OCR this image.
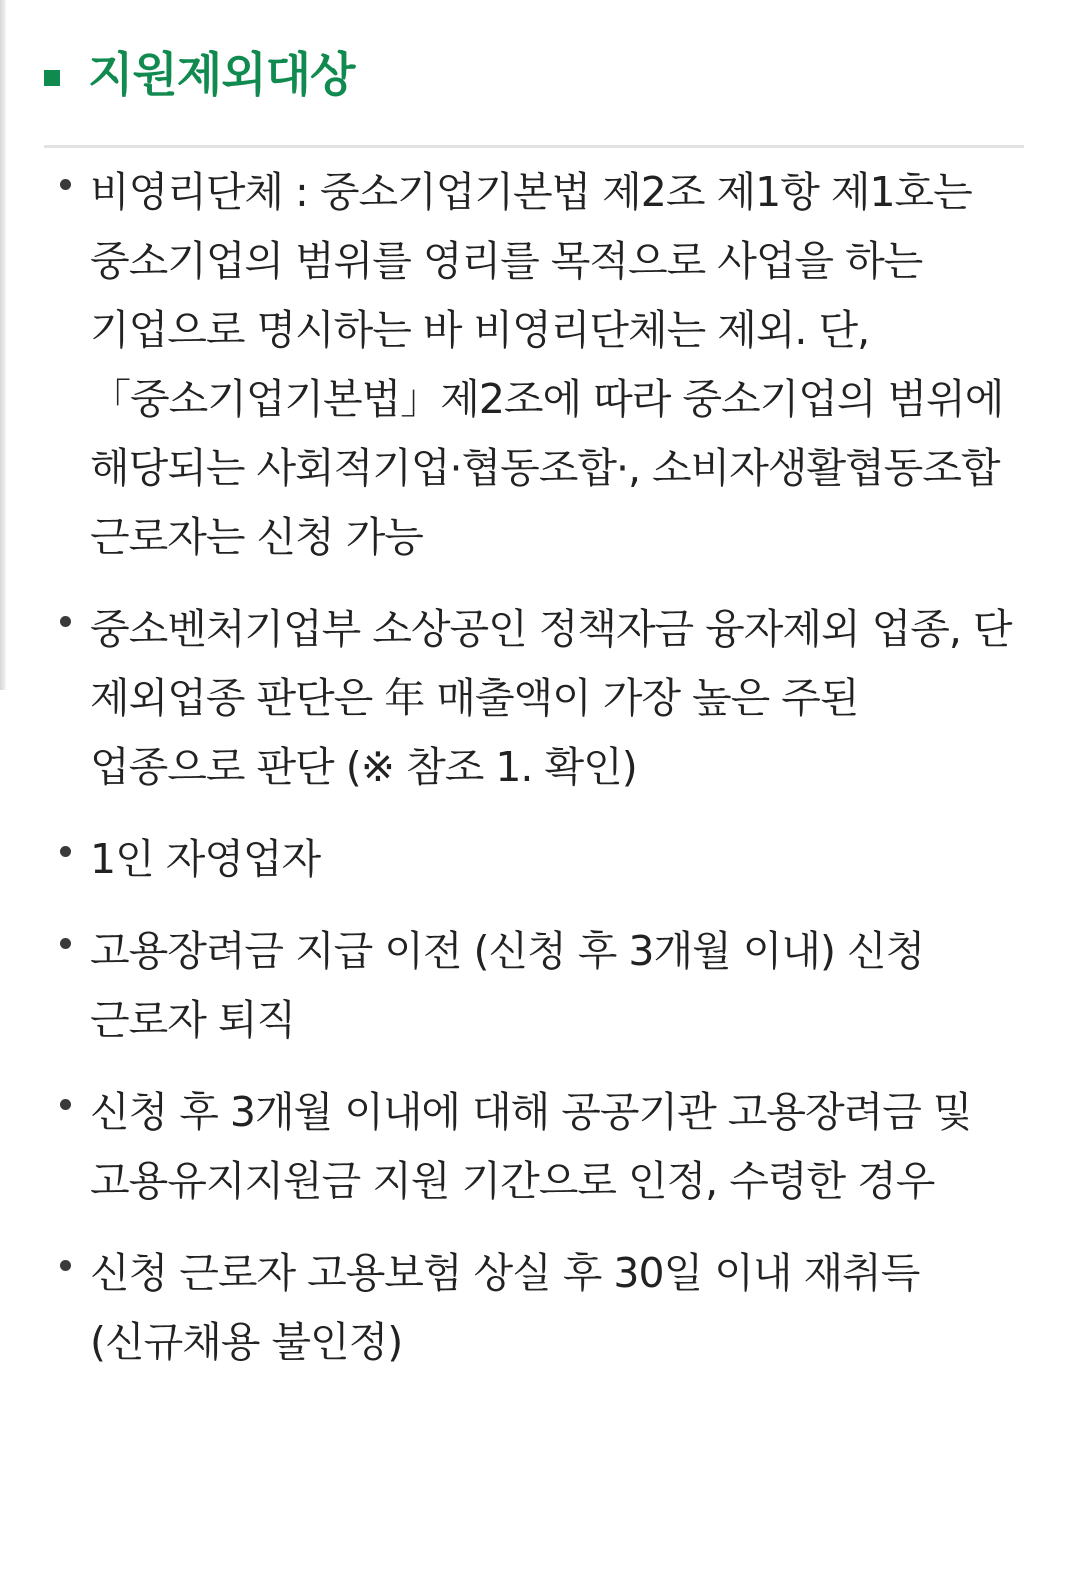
지원제외대상
비영리단체 : 중소기업기본법 제2조 제1항 제1호는 중소기업의 범위를 영리를 목적으로 사업을 하는 기업으로 명시하는 바 비영리단체는 제외. 단, 「중소기업기본법」제2조에 따라 중소기업의 범위에 해당되는 사회적기업·협동조합·, 소비자생활협동조합 근로자는 신청 가능
중소벤처기업부 소상공인 정책자금 융자제외 업종, 단 제외업종 판단은 年 매출액이 가장 높은 주된 업종으로 판단 (※ 참조 1. 확인)
1인 자영업자
고용장려금 지급 이전 (신청 후 3개월 이내) 신청 근로자 퇴직
신청 후 3개월 이내에 대해 공공기관 고용장려금 및 고용유지지원금 지원 기간으로 인정, 수령한 경우
신청 근로자 고용보험 상실 후 30일 이내 재취득 (신규채용 불인정)
